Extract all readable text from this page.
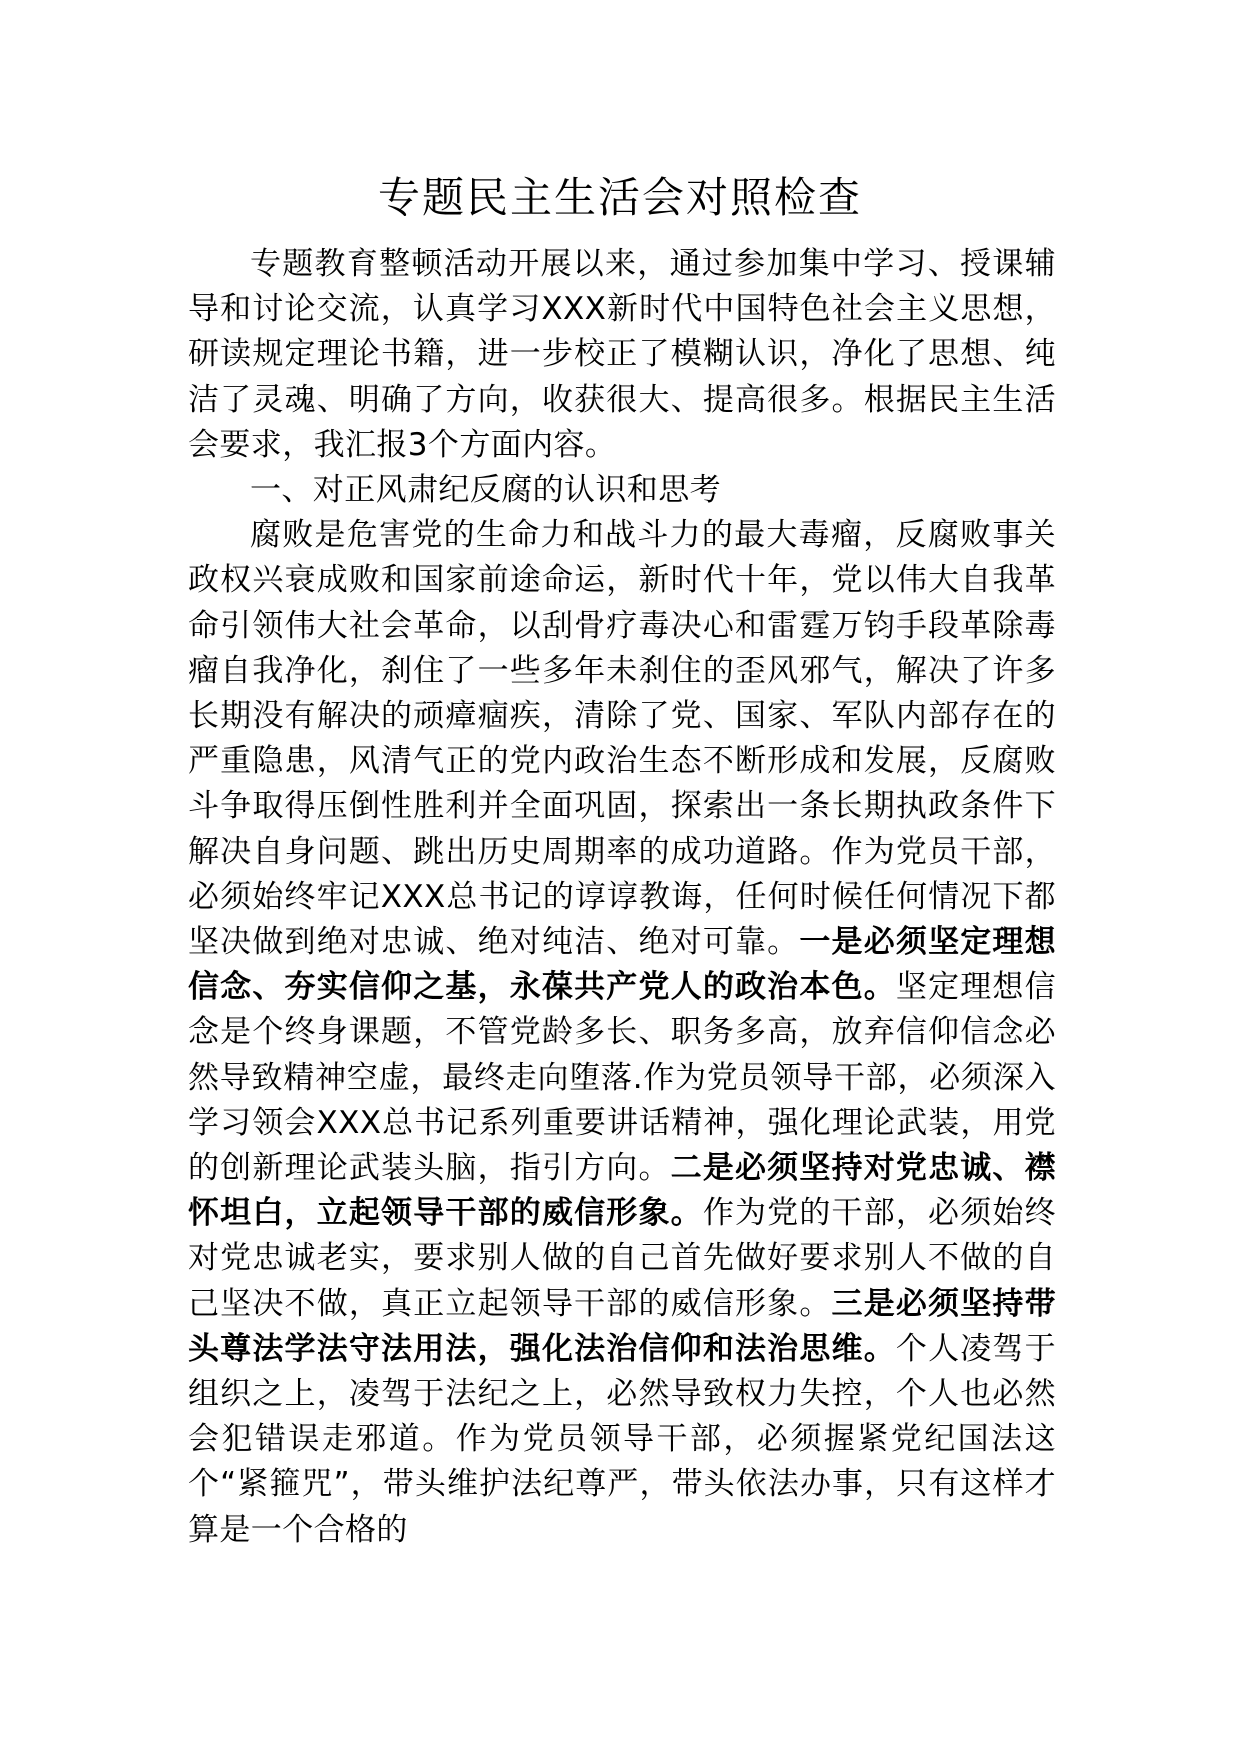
专题民主生活会对照检查

专题教育整顿活动开展以来，通过参加集中学习、授课辅导和讨论交流，认真学习XXX新时代中国特色社会主义思想，研读规定理论书籍，进一步校正了模糊认识，净化了思想、纯洁了灵魂、明确了方向，收获很大、提高很多。根据民主生活会要求，我汇报3个方面内容。

一、对正风肃纪反腐的认识和思考

腐败是危害党的生命力和战斗力的最大毒瘤，反腐败事关政权兴衰成败和国家前途命运，新时代十年，党以伟大自我革命引领伟大社会革命，以刮骨疗毒决心和雷霆万钧手段革除毒瘤自我净化，刹住了一些多年未刹住的歪风邪气，解决了许多长期没有解决的顽瘴痼疾，清除了党、国家、军队内部存在的严重隐患，风清气正的党内政治生态不断形成和发展，反腐败斗争取得压倒性胜利并全面巩固，探索出一条长期执政条件下解决自身问题、跳出历史周期率的成功道路。作为党员干部，必须始终牢记XXX总书记的谆谆教诲，任何时候任何情况下都坚决做到绝对忠诚、绝对纯洁、绝对可靠。一是必须坚定理想信念、夯实信仰之基，永葆共产党人的政治本色。坚定理想信念是个终身课题，不管党龄多长、职务多高，放弃信仰信念必然导致精神空虚，最终走向堕落.作为党员领导干部，必须深入学习领会XXX总书记系列重要讲话精神，强化理论武装，用党的创新理论武装头脑，指引方向。二是必须坚持对党忠诚、襟怀坦白，立起领导干部的威信形象。作为党的干部，必须始终对党忠诚老实，要求别人做的自己首先做好要求别人不做的自己坚决不做，真正立起领导干部的威信形象。三是必须坚持带头尊法学法守法用法，强化法治信仰和法治思维。个人凌驾于组织之上，凌驾于法纪之上，必然导致权力失控，个人也必然会犯错误走邪道。作为党员领导干部，必须握紧党纪国法这个“紧箍咒”，带头维护法纪尊严，带头依法办事，只有这样才算是一个合格的
